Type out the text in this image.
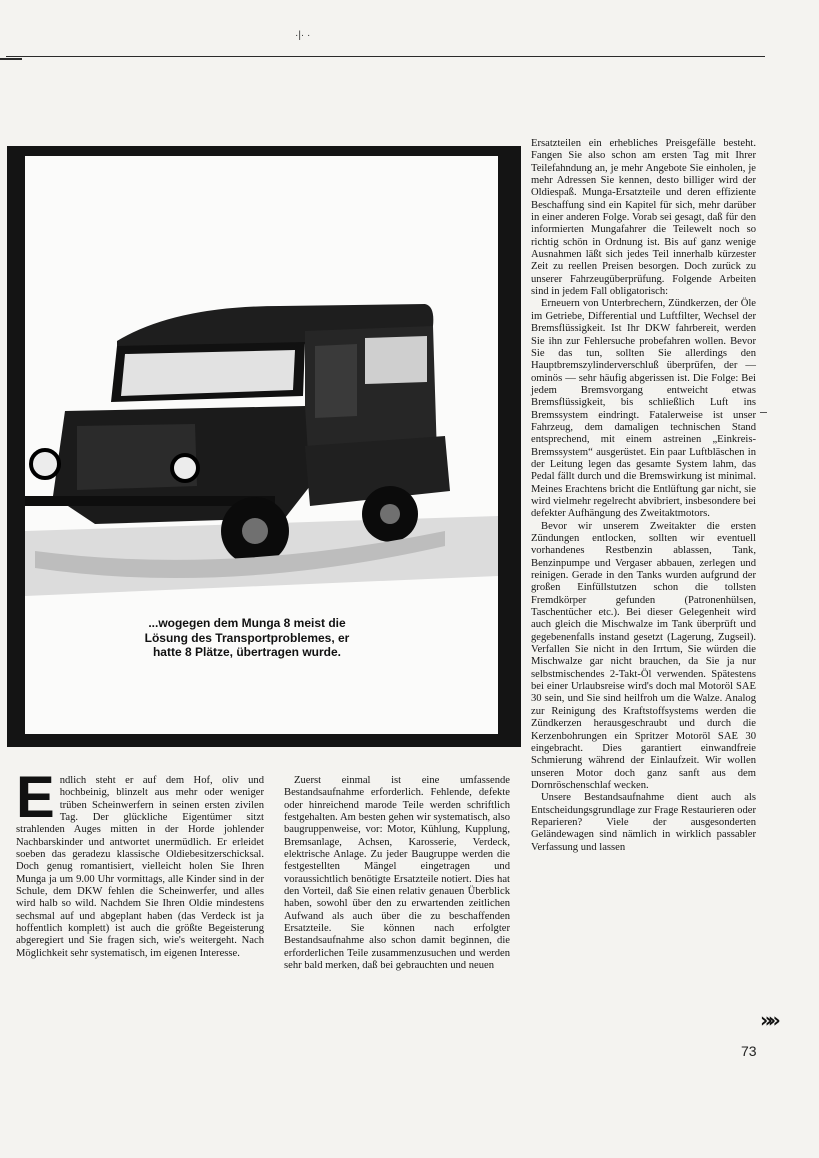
·|· ·
...wogegen dem Munga 8 meist die Lösung des Transportproblemes, er hatte 8 Plätze, übertragen wurde.

Endlich steht er auf dem Hof, oliv und hochbeinig, blinzelt aus mehr oder weniger trüben Scheinwerfern in seinen ersten zivilen Tag. Der glückliche Eigentümer sitzt strahlenden Auges mitten in der Horde johlender Nachbarskinder und antwortet unermüdlich. Er erleidet soeben das geradezu klassische Oldiebesitzerschicksal. Doch genug romantisiert, vielleicht holen Sie Ihren Munga ja um 9.00 Uhr vormittags, alle Kinder sind in der Schule, dem DKW fehlen die Scheinwerfer, und alles wird halb so wild. Nachdem Sie Ihren Oldie mindestens sechsmal auf und abgeplant haben (das Verdeck ist ja hoffentlich komplett) ist auch die größte Begeisterung abgeregiert und Sie fragen sich, wie's weitergeht. Nach Möglichkeit sehr systematisch, im eigenen Interesse.

Zuerst einmal ist eine umfassende Bestandsaufnahme erforderlich. Fehlende, defekte oder hinreichend marode Teile werden schriftlich festgehalten. Am besten gehen wir systematisch, also baugruppenweise, vor: Motor, Kühlung, Kupplung, Bremsanlage, Achsen, Karosserie, Verdeck, elektrische Anlage. Zu jeder Baugruppe werden die festgestellten Mängel eingetragen und voraussichtlich benötigte Ersatzteile notiert. Dies hat den Vorteil, daß Sie einen relativ genauen Überblick haben, sowohl über den zu erwartenden zeitlichen Aufwand als auch über die zu beschaffenden Ersatzteile. Sie können nach erfolgter Bestandsaufnahme also schon damit beginnen, die erforderlichen Teile zusammenzusuchen und werden sehr bald merken, daß bei gebrauchten und neuen

Ersatzteilen ein erhebliches Preisgefälle besteht. Fangen Sie also schon am ersten Tag mit Ihrer Teilefahndung an, je mehr Angebote Sie einholen, je mehr Adressen Sie kennen, desto billiger wird der Oldiespaß. Munga-Ersatzteile und deren effiziente Beschaffung sind ein Kapitel für sich, mehr darüber in einer anderen Folge. Vorab sei gesagt, daß für den informierten Mungafahrer die Teilewelt noch so richtig schön in Ordnung ist. Bis auf ganz wenige Ausnahmen läßt sich jedes Teil innerhalb kürzester Zeit zu reellen Preisen besorgen. Doch zurück zu unserer Fahrzeugüberprüfung. Folgende Arbeiten sind in jedem Fall obligatorisch:

Erneuern von Unterbrechern, Zündkerzen, der Öle im Getriebe, Differential und Luftfilter, Wechsel der Bremsflüssigkeit. Ist Ihr DKW fahrbereit, werden Sie ihn zur Fehlersuche probefahren wollen. Bevor Sie das tun, sollten Sie allerdings den Hauptbremszylinderverschluß überprüfen, der — ominös — sehr häufig abgerissen ist. Die Folge: Bei jedem Bremsvorgang entweicht etwas Bremsflüssigkeit, bis schließlich Luft ins Bremssystem eindringt. Fatalerweise ist unser Fahrzeug, dem damaligen technischen Stand entsprechend, mit einem astreinen „Einkreis-Bremssystem“ ausgerüstet. Ein paar Luftbläschen in der Leitung legen das gesamte System lahm, das Pedal fällt durch und die Bremswirkung ist minimal. Meines Erachtens bricht die Entlüftung gar nicht, sie wird vielmehr regelrecht abvibriert, insbesondere bei defekter Aufhängung des Zweitaktmotors.

Bevor wir unserem Zweitakter die ersten Zündungen entlocken, sollten wir eventuell vorhandenes Restbenzin ablassen, Tank, Benzinpumpe und Vergaser abbauen, zerlegen und reinigen. Gerade in den Tanks wurden aufgrund der großen Einfüllstutzen schon die tollsten Fremdkörper gefunden (Patronenhülsen, Taschentücher etc.). Bei dieser Gelegenheit wird auch gleich die Mischwalze im Tank überprüft und gegebenenfalls instand gesetzt (Lagerung, Zugseil). Verfallen Sie nicht in den Irrtum, Sie würden die Mischwalze gar nicht brauchen, da Sie ja nur selbstmischendes 2-Takt-Öl verwenden. Spätestens bei einer Urlaubsreise wird's doch mal Motoröl SAE 30 sein, und Sie sind heilfroh um die Walze. Analog zur Reinigung des Kraftstoffsystems werden die Zündkerzen herausgeschraubt und durch die Kerzenbohrungen ein Spritzer Motoröl SAE 30 eingebracht. Dies garantiert einwandfreie Schmierung während der Einlaufzeit. Wir wollen unseren Motor doch ganz sanft aus dem Dornröschenschlaf wecken.

Unsere Bestandsaufnahme dient auch als Entscheidungsgrundlage zur Frage Restaurieren oder Reparieren? Viele der ausgesonderten Geländewagen sind nämlich in wirklich passabler Verfassung und lassen

»»
73
